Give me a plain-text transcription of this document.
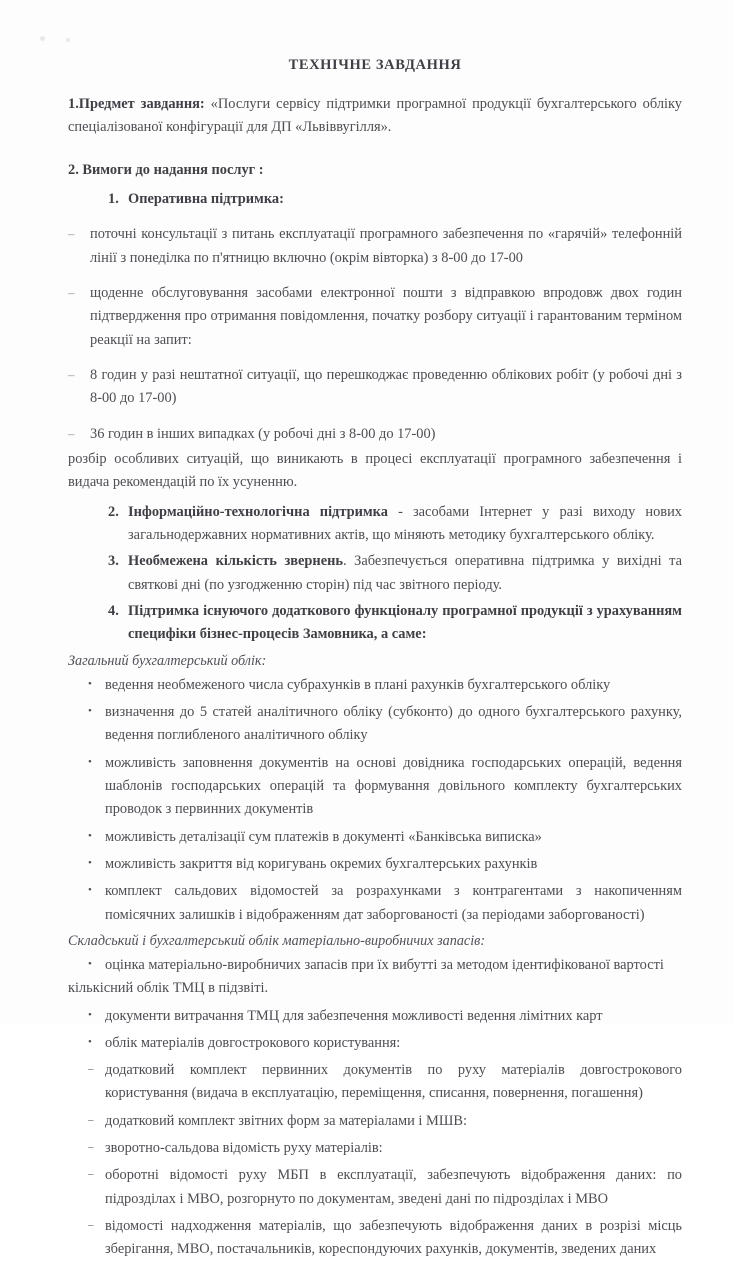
ТЕХНІЧНЕ ЗАВДАННЯ

1.Предмет завдання: «Послуги сервісу підтримки програмної продукції бухгалтерського обліку спеціалізованої конфігурації для ДП «Львіввугілля».

2. Вимоги до надання послуг :

1. Оперативна підтримка:
– поточні консультації з питань експлуатації програмного забезпечення по «гарячій» телефонній лінії з понеділка по п'ятницю включно (окрім вівторка) з 8-00 до 17-00
– щоденне обслуговування засобами електронної пошти з відправкою впродовж двох годин підтвердження про отримання повідомлення, початку розбору ситуації і гарантованим терміном реакції на запит:
– 8 годин у разі нештатної ситуації, що перешкоджає проведенню облікових робіт (у робочі дні з 8-00 до 17-00)
– 36 годин в інших випадках (у робочі дні з 8-00 до 17-00)

розбір особливих ситуацій, що виникають в процесі експлуатації програмного забезпечення і видача рекомендацій по їх усуненню.

2. Інформаційно-технологічна підтримка - засобами Інтернет у разі виходу нових загальнодержавних нормативних актів, що міняють методику бухгалтерського обліку.
3. Необмежена кількість звернень. Забезпечується оперативна підтримка у вихідні та святкові дні (по узгодженню сторін) під час звітного періоду.
4. Підтримка існуючого додаткового функціоналу програмної продукції з урахуванням специфіки бізнес-процесів Замовника, а саме:
Загальний бухгалтерський облік:
• ведення необмеженого числа субрахунків в плані рахунків бухгалтерського обліку
• визначення до 5 статей аналітичного обліку (субконто) до одного бухгалтерського рахунку, ведення поглибленого аналітичного обліку
• можливість заповнення документів на основі довідника господарських операцій, ведення шаблонів господарських операцій та формування довільного комплекту бухгалтерських проводок з первинних документів
• можливість деталізації сум платежів в документі «Банківська виписка»
• можливість закриття від коригувань окремих бухгалтерських рахунків
• комплект сальдових відомостей за розрахунками з контрагентами з накопиченням помісячних залишків і відображенням дат заборгованості (за періодами заборгованості)
Складський і бухгалтерський облік матеріально-виробничих запасів:
• оцінка матеріально-виробничих запасів при їх вибутті за методом ідентифікованої вартості
кількісний облік ТМЦ в підзвіті.
• документи витрачання ТМЦ для забезпечення можливості ведення лімітних карт
• облік матеріалів довгострокового користування:
– додатковий комплект первинних документів по руху матеріалів довгострокового користування (видача в експлуатацію, переміщення, списання, повернення, погашення)
– додатковий комплект звітних форм за матеріалами і МШВ:
– зворотно-сальдова відомість руху матеріалів:
– оборотні відомості руху МБП в експлуатації, забезпечують відображення даних: по підрозділах і МВО, розгорнуто по документам, зведені дані по підрозділах і МВО
– відомості надходження матеріалів, що забезпечують відображення даних в розрізі місць зберігання, МВО, постачальників, кореспондуючих рахунків, документів, зведених даних
